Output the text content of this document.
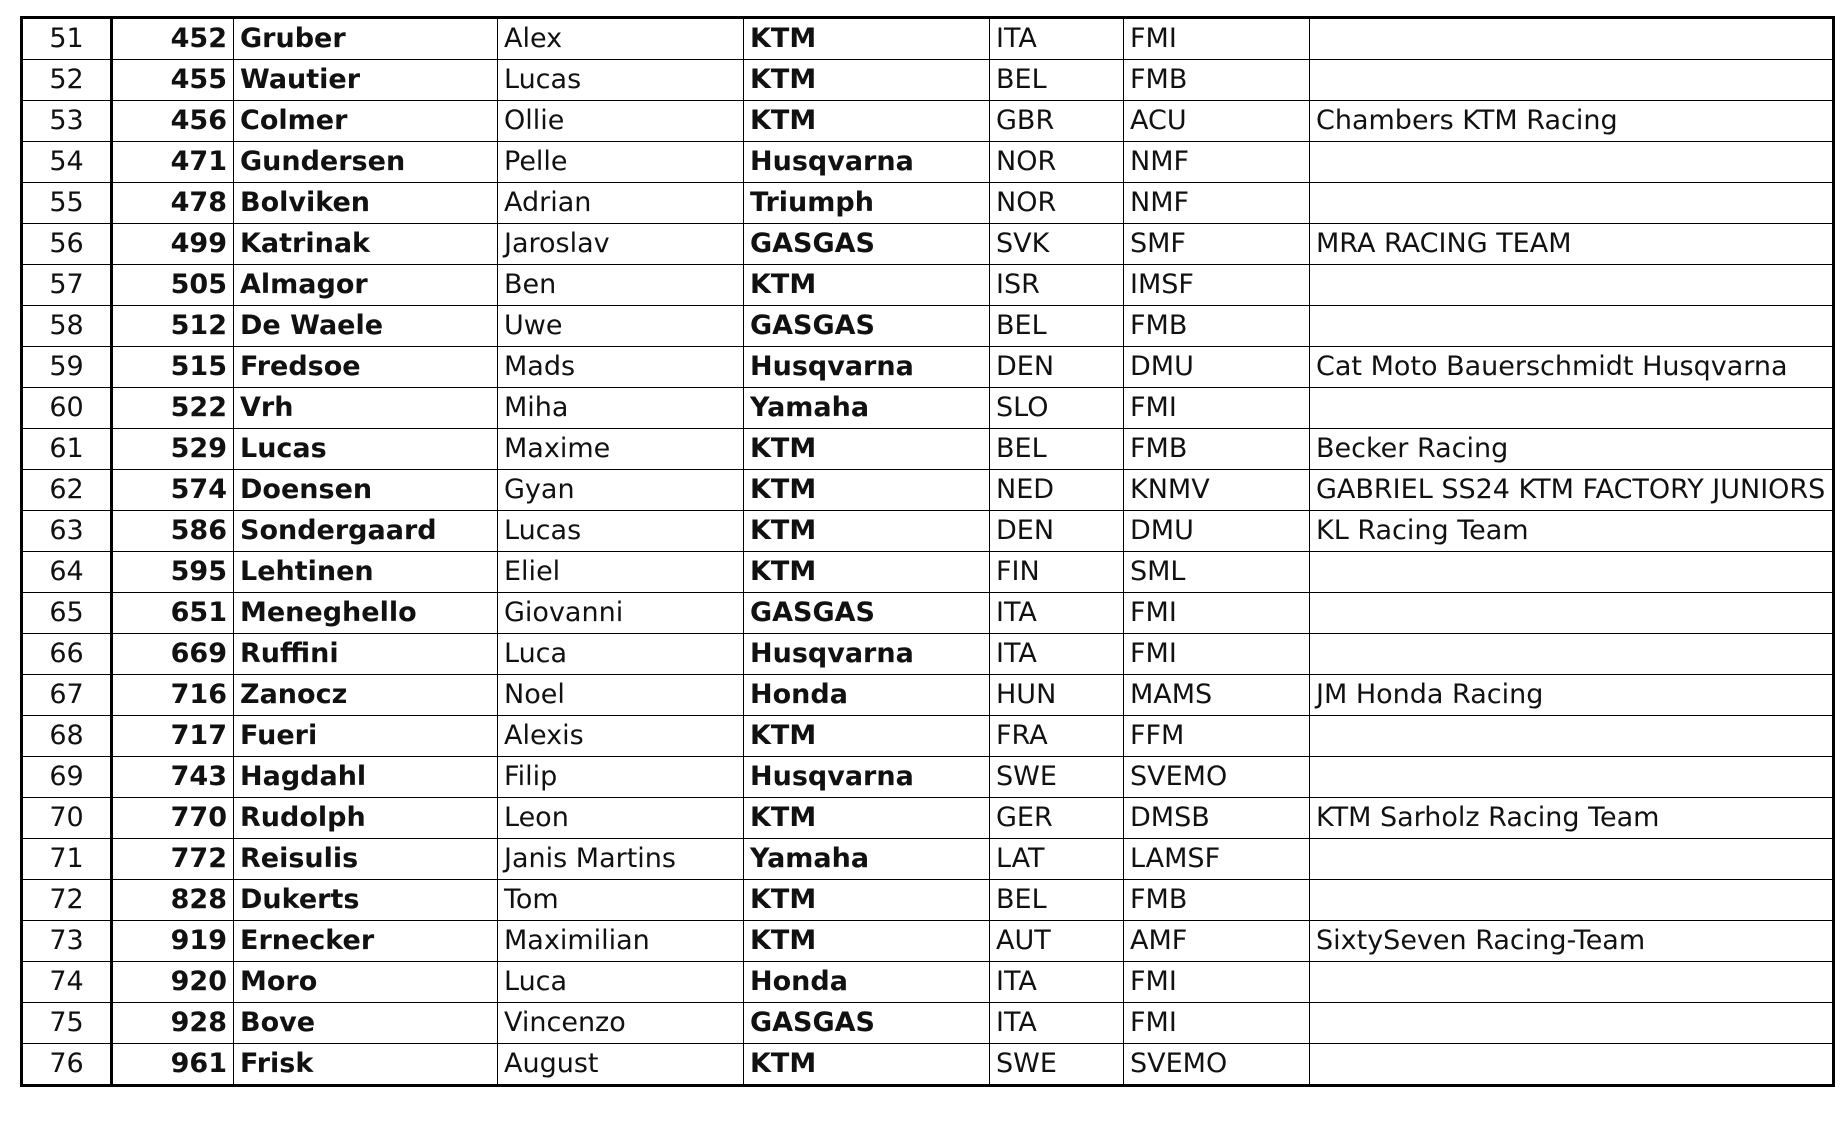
51	452	Gruber	Alex	KTM	ITA	FMI	
52	455	Wautier	Lucas	KTM	BEL	FMB	
53	456	Colmer	Ollie	KTM	GBR	ACU	Chambers KTM Racing
54	471	Gundersen	Pelle	Husqvarna	NOR	NMF	
55	478	Bolviken	Adrian	Triumph	NOR	NMF	
56	499	Katrinak	Jaroslav	GASGAS	SVK	SMF	MRA RACING TEAM
57	505	Almagor	Ben	KTM	ISR	IMSF	
58	512	De Waele	Uwe	GASGAS	BEL	FMB	
59	515	Fredsoe	Mads	Husqvarna	DEN	DMU	Cat Moto Bauerschmidt Husqvarna
60	522	Vrh	Miha	Yamaha	SLO	FMI	
61	529	Lucas	Maxime	KTM	BEL	FMB	Becker Racing
62	574	Doensen	Gyan	KTM	NED	KNMV	GABRIEL SS24 KTM FACTORY JUNIORS
63	586	Sondergaard	Lucas	KTM	DEN	DMU	KL Racing Team
64	595	Lehtinen	Eliel	KTM	FIN	SML	
65	651	Meneghello	Giovanni	GASGAS	ITA	FMI	
66	669	Ruffini	Luca	Husqvarna	ITA	FMI	
67	716	Zanocz	Noel	Honda	HUN	MAMS	JM Honda Racing
68	717	Fueri	Alexis	KTM	FRA	FFM	
69	743	Hagdahl	Filip	Husqvarna	SWE	SVEMO	
70	770	Rudolph	Leon	KTM	GER	DMSB	KTM Sarholz Racing Team
71	772	Reisulis	Janis Martins	Yamaha	LAT	LAMSF	
72	828	Dukerts	Tom	KTM	BEL	FMB	
73	919	Ernecker	Maximilian	KTM	AUT	AMF	SixtySeven Racing-Team
74	920	Moro	Luca	Honda	ITA	FMI	
75	928	Bove	Vincenzo	GASGAS	ITA	FMI	
76	961	Frisk	August	KTM	SWE	SVEMO	
